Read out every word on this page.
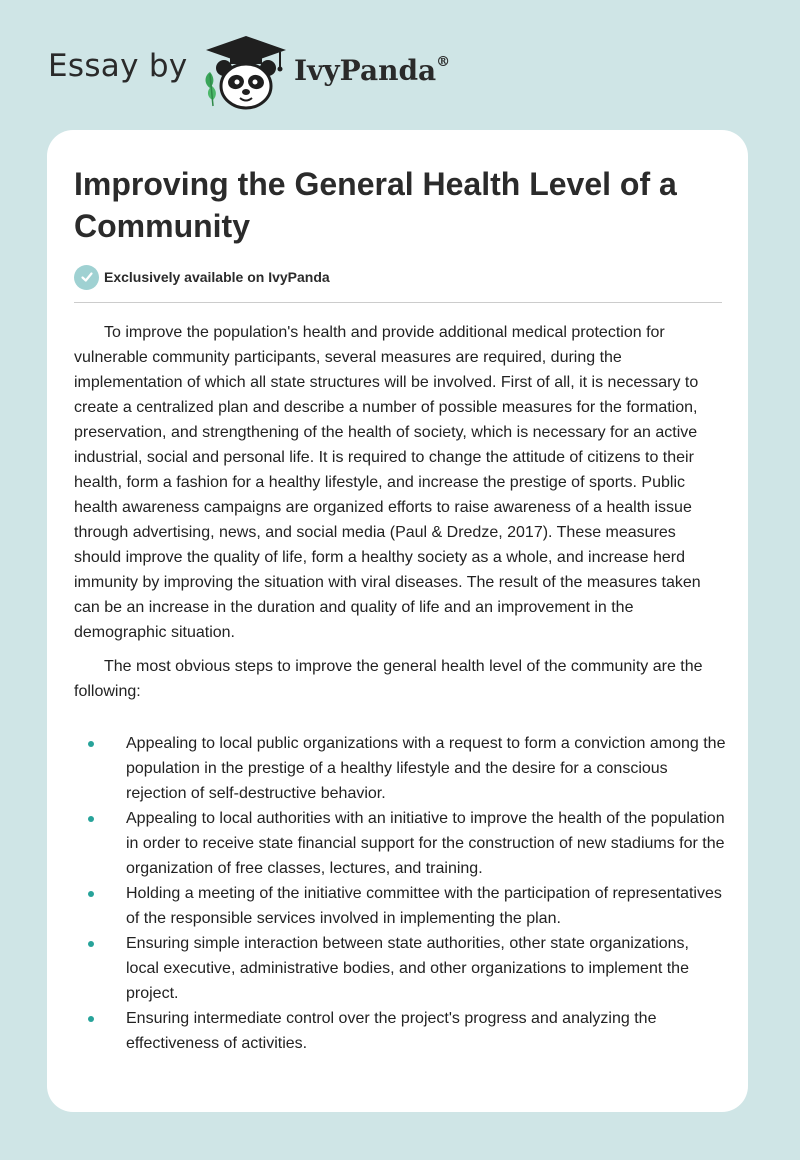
Essay by	IvyPanda®
Improving the General Health Level of a Community
Exclusively available on IvyPanda

To improve the population's health and provide additional medical protection for vulnerable community participants, several measures are required, during the implementation of which all state structures will be involved. First of all, it is necessary to create a centralized plan and describe a number of possible measures for the formation, preservation, and strengthening of the health of society, which is necessary for an active industrial, social and personal life. It is required to change the attitude of citizens to their health, form a fashion for a healthy lifestyle, and increase the prestige of sports. Public health awareness campaigns are organized efforts to raise awareness of a health issue through advertising, news, and social media (Paul & Dredze, 2017). These measures should improve the quality of life, form a healthy society as a whole, and increase herd immunity by improving the situation with viral diseases. The result of the measures taken can be an increase in the duration and quality of life and an improvement in the demographic situation.

The most obvious steps to improve the general health level of the community are the following:

Appealing to local public organizations with a request to form a conviction among the population in the prestige of a healthy lifestyle and the desire for a conscious rejection of self-destructive behavior.
Appealing to local authorities with an initiative to improve the health of the population in order to receive state financial support for the construction of new stadiums for the organization of free classes, lectures, and training.
Holding a meeting of the initiative committee with the participation of representatives of the responsible services involved in implementing the plan.
Ensuring simple interaction between state authorities, other state organizations, local executive, administrative bodies, and other organizations to implement the project.
Ensuring intermediate control over the project's progress and analyzing the effectiveness of activities.
